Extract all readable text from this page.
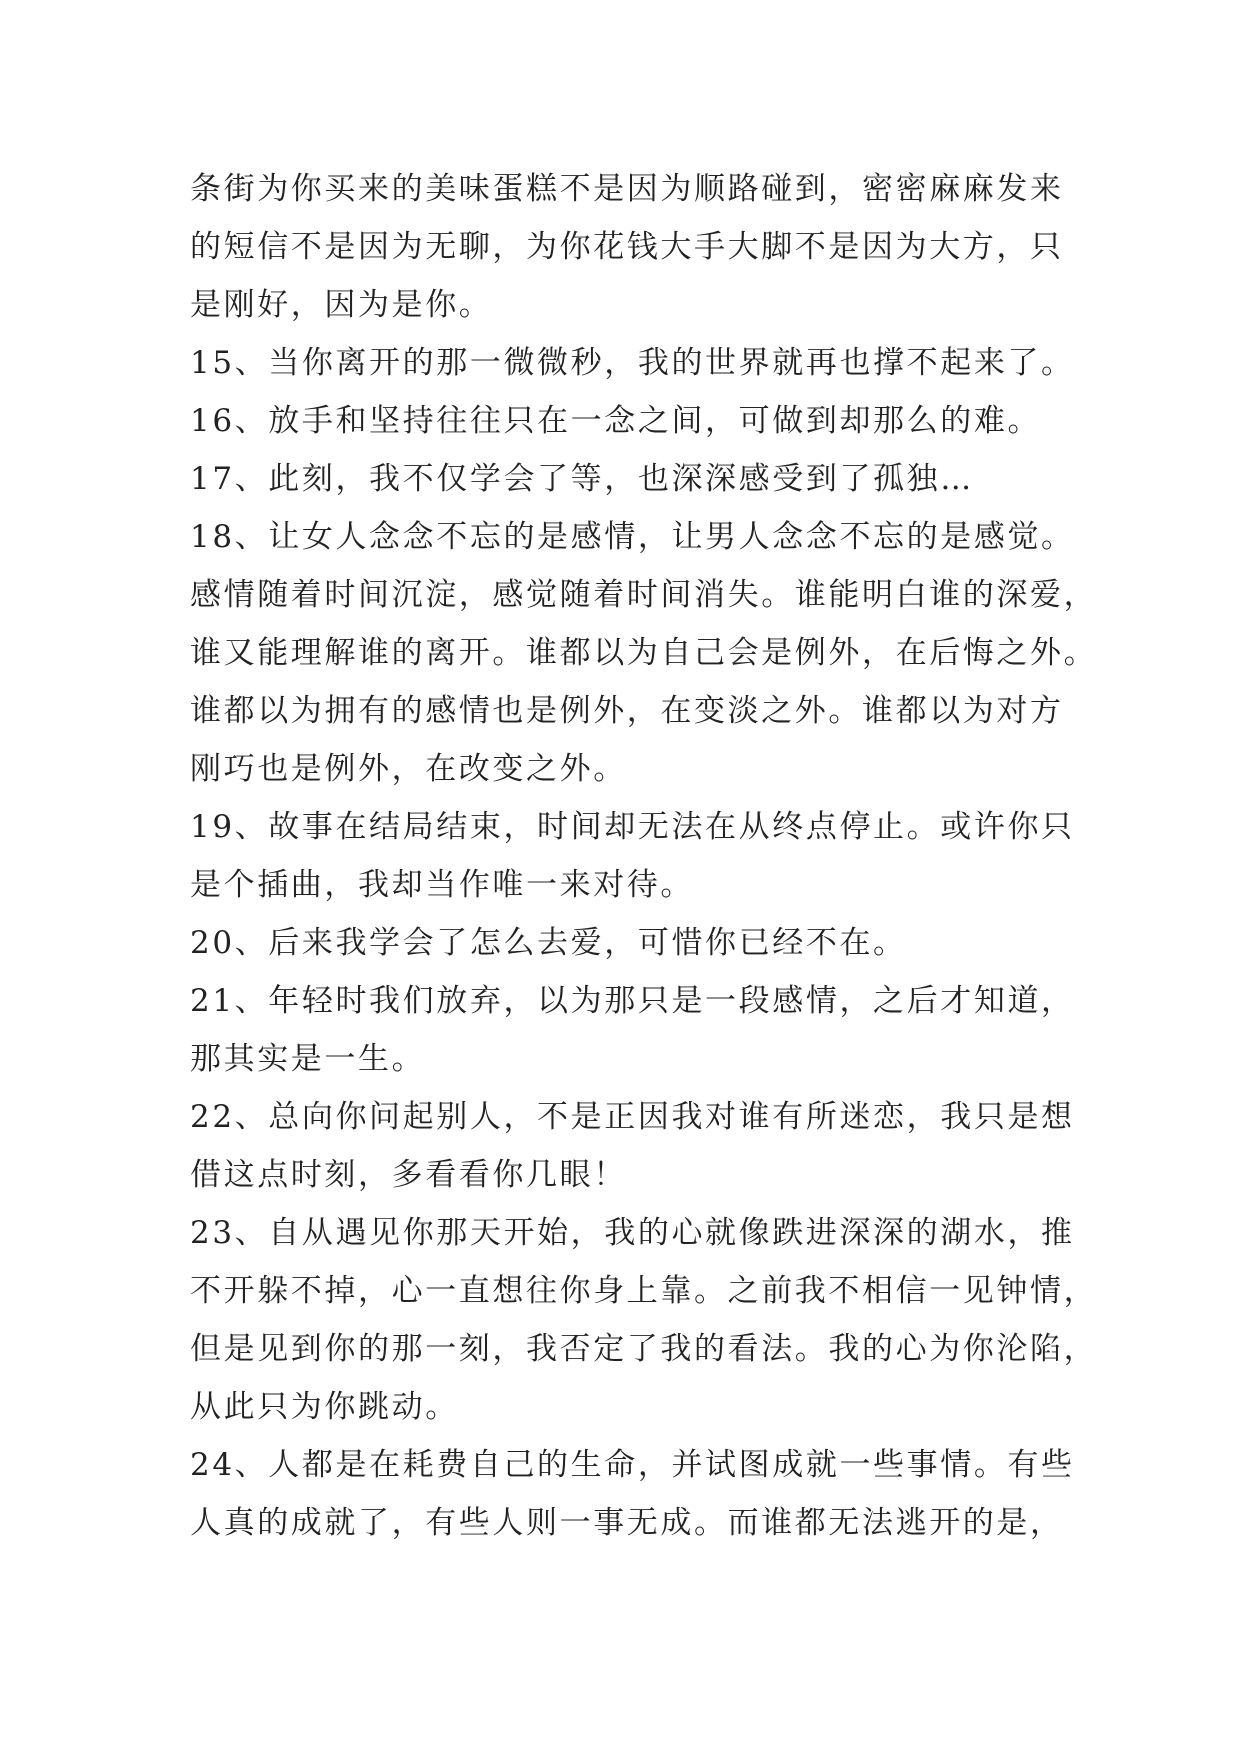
条街为你买来的美味蛋糕不是因为顺路碰到，密密麻麻发来
的短信不是因为无聊，为你花钱大手大脚不是因为大方，只
是刚好，因为是你。
15、当你离开的那一微微秒，我的世界就再也撑不起来了。
16、放手和坚持往往只在一念之间，可做到却那么的难。
17、此刻，我不仅学会了等，也深深感受到了孤独…
18、让女人念念不忘的是感情，让男人念念不忘的是感觉。
感情随着时间沉淀，感觉随着时间消失。谁能明白谁的深爱，
谁又能理解谁的离开。谁都以为自己会是例外，在后悔之外。
谁都以为拥有的感情也是例外，在变淡之外。谁都以为对方
刚巧也是例外，在改变之外。
19、故事在结局结束，时间却无法在从终点停止。或许你只
是个插曲，我却当作唯一来对待。
20、后来我学会了怎么去爱，可惜你已经不在。
21、年轻时我们放弃，以为那只是一段感情，之后才知道，
那其实是一生。
22、总向你问起别人，不是正因我对谁有所迷恋，我只是想
借这点时刻，多看看你几眼！
23、自从遇见你那天开始，我的心就像跌进深深的湖水，推
不开躲不掉，心一直想往你身上靠。之前我不相信一见钟情，
但是见到你的那一刻，我否定了我的看法。我的心为你沦陷，
从此只为你跳动。
24、人都是在耗费自己的生命，并试图成就一些事情。有些
人真的成就了，有些人则一事无成。而谁都无法逃开的是，
